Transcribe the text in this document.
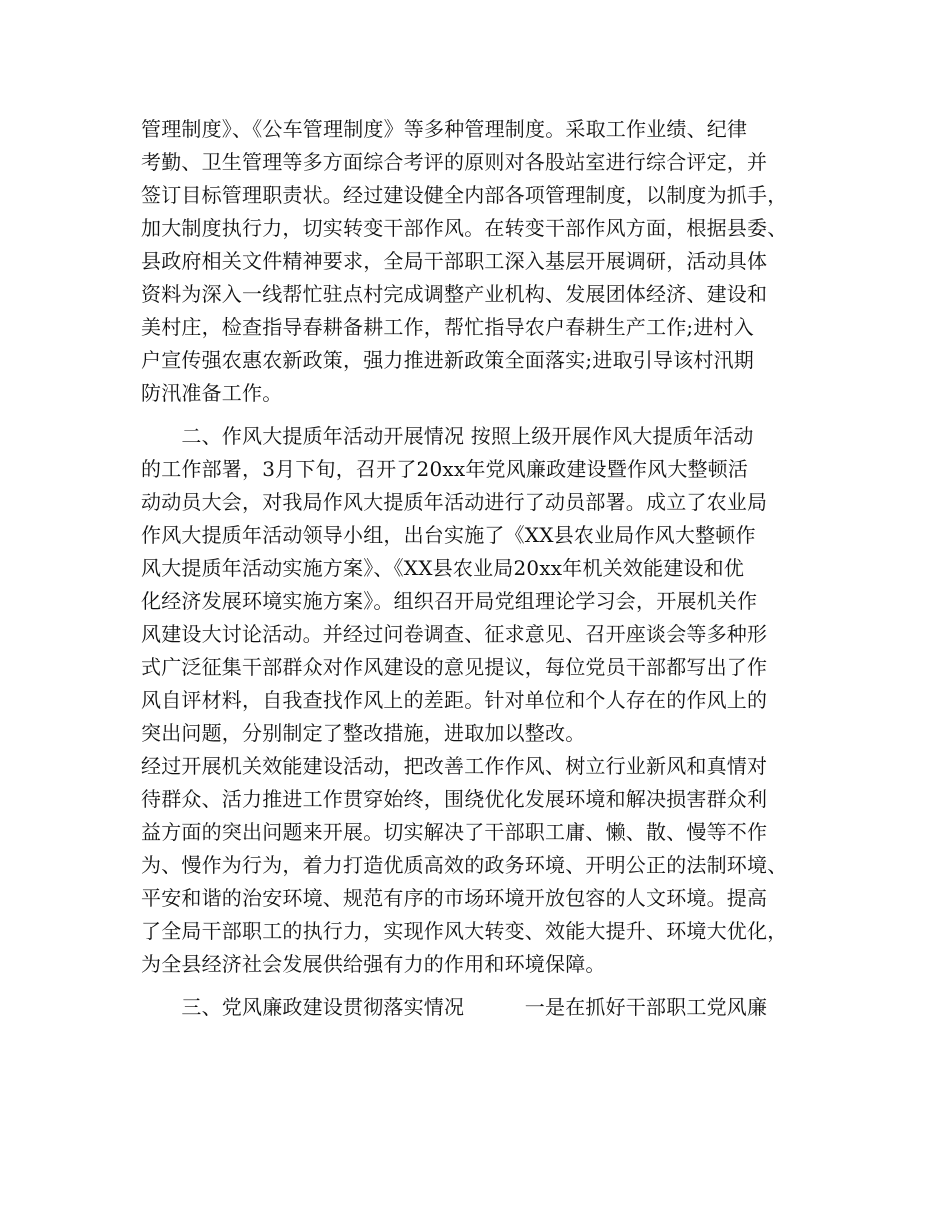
管理制度》、《公车管理制度》等多种管理制度。采取工作业绩、纪律
考勤、卫生管理等多方面综合考评的原则对各股站室进行综合评定，并
签订目标管理职责状。经过建设健全内部各项管理制度，以制度为抓手，
加大制度执行力，切实转变干部作风。在转变干部作风方面，根据县委、
县政府相关文件精神要求，全局干部职工深入基层开展调研，活动具体
资料为深入一线帮忙驻点村完成调整产业机构、发展团体经济、建设和
美村庄，检查指导春耕备耕工作，帮忙指导农户春耕生产工作;进村入
户宣传强农惠农新政策，强力推进新政策全面落实;进取引导该村汛期
防汛准备工作。
　　二、作风大提质年活动开展情况 按照上级开展作风大提质年活动
的工作部署，3月下旬，召开了20xx年党风廉政建设暨作风大整顿活
动动员大会，对我局作风大提质年活动进行了动员部署。成立了农业局
作风大提质年活动领导小组，出台实施了《XX县农业局作风大整顿作
风大提质年活动实施方案》、《XX县农业局20xx年机关效能建设和优
化经济发展环境实施方案》。组织召开局党组理论学习会，开展机关作
风建设大讨论活动。并经过问卷调查、征求意见、召开座谈会等多种形
式广泛征集干部群众对作风建设的意见提议，每位党员干部都写出了作
风自评材料，自我查找作风上的差距。针对单位和个人存在的作风上的
突出问题，分别制定了整改措施，进取加以整改。
经过开展机关效能建设活动，把改善工作作风、树立行业新风和真情对
待群众、活力推进工作贯穿始终，围绕优化发展环境和解决损害群众利
益方面的突出问题来开展。切实解决了干部职工庸、懒、散、慢等不作
为、慢作为行为，着力打造优质高效的政务环境、开明公正的法制环境、
平安和谐的治安环境、规范有序的市场环境开放包容的人文环境。提高
了全局干部职工的执行力，实现作风大转变、效能大提升、环境大优化，
为全县经济社会发展供给强有力的作用和环境保障。
　　三、党风廉政建设贯彻落实情况　　　一是在抓好干部职工党风廉
